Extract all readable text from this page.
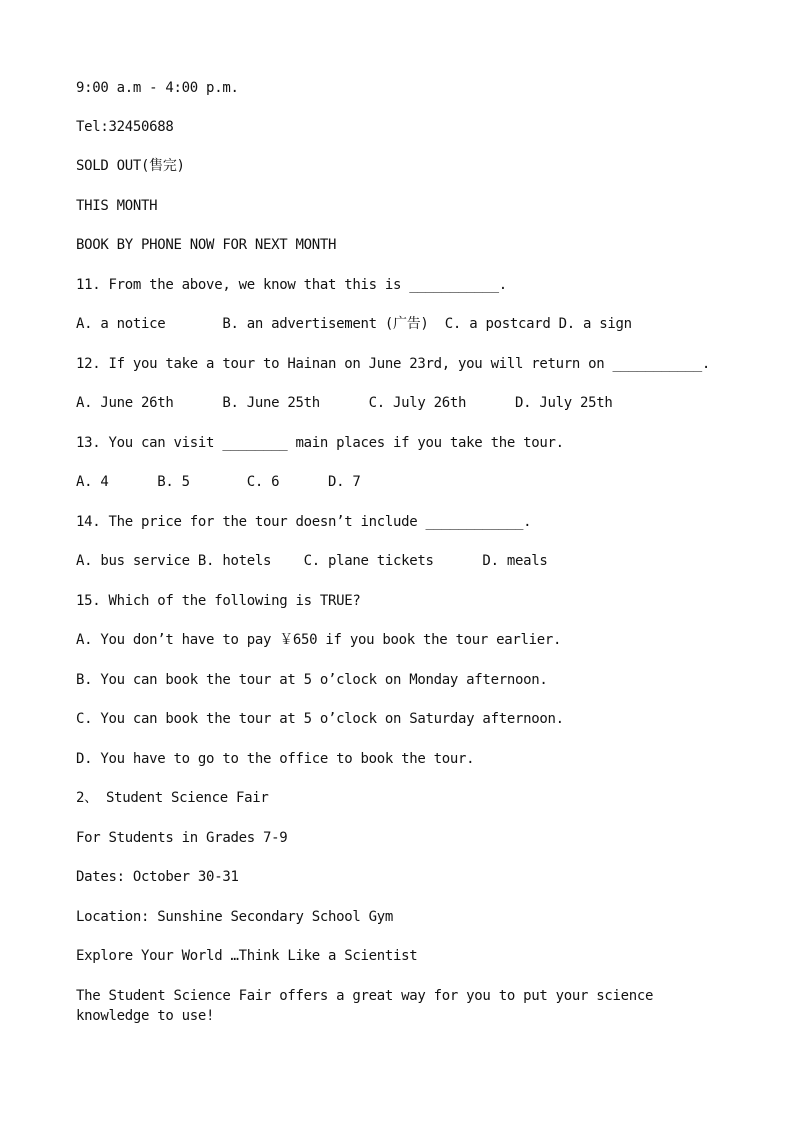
9:00 a.m - 4:00 p.m.
Tel:32450688
SOLD OUT(售完)
THIS MONTH
BOOK BY PHONE NOW FOR NEXT MONTH
11. From the above, we know that this is ___________.
A. a notice       B. an advertisement (广告)  C. a postcard D. a sign
12. If you take a tour to Hainan on June 23rd, you will return on ___________.
A. June 26th      B. June 25th      C. July 26th      D. July 25th
13. You can visit ________ main places if you take the tour.
A. 4      B. 5       C. 6      D. 7
14. The price for the tour doesn’t include ____________.
A. bus service B. hotels    C. plane tickets      D. meals
15. Which of the following is TRUE?
A. You don’t have to pay ￥650 if you book the tour earlier.
B. You can book the tour at 5 o’clock on Monday afternoon.
C. You can book the tour at 5 o’clock on Saturday afternoon.
D. You have to go to the office to book the tour.
2、 Student Science Fair
For Students in Grades 7-9
Dates: October 30-31
Location: Sunshine Secondary School Gym
Explore Your World …Think Like a Scientist
The Student Science Fair offers a great way for you to put your science knowledge to use!
